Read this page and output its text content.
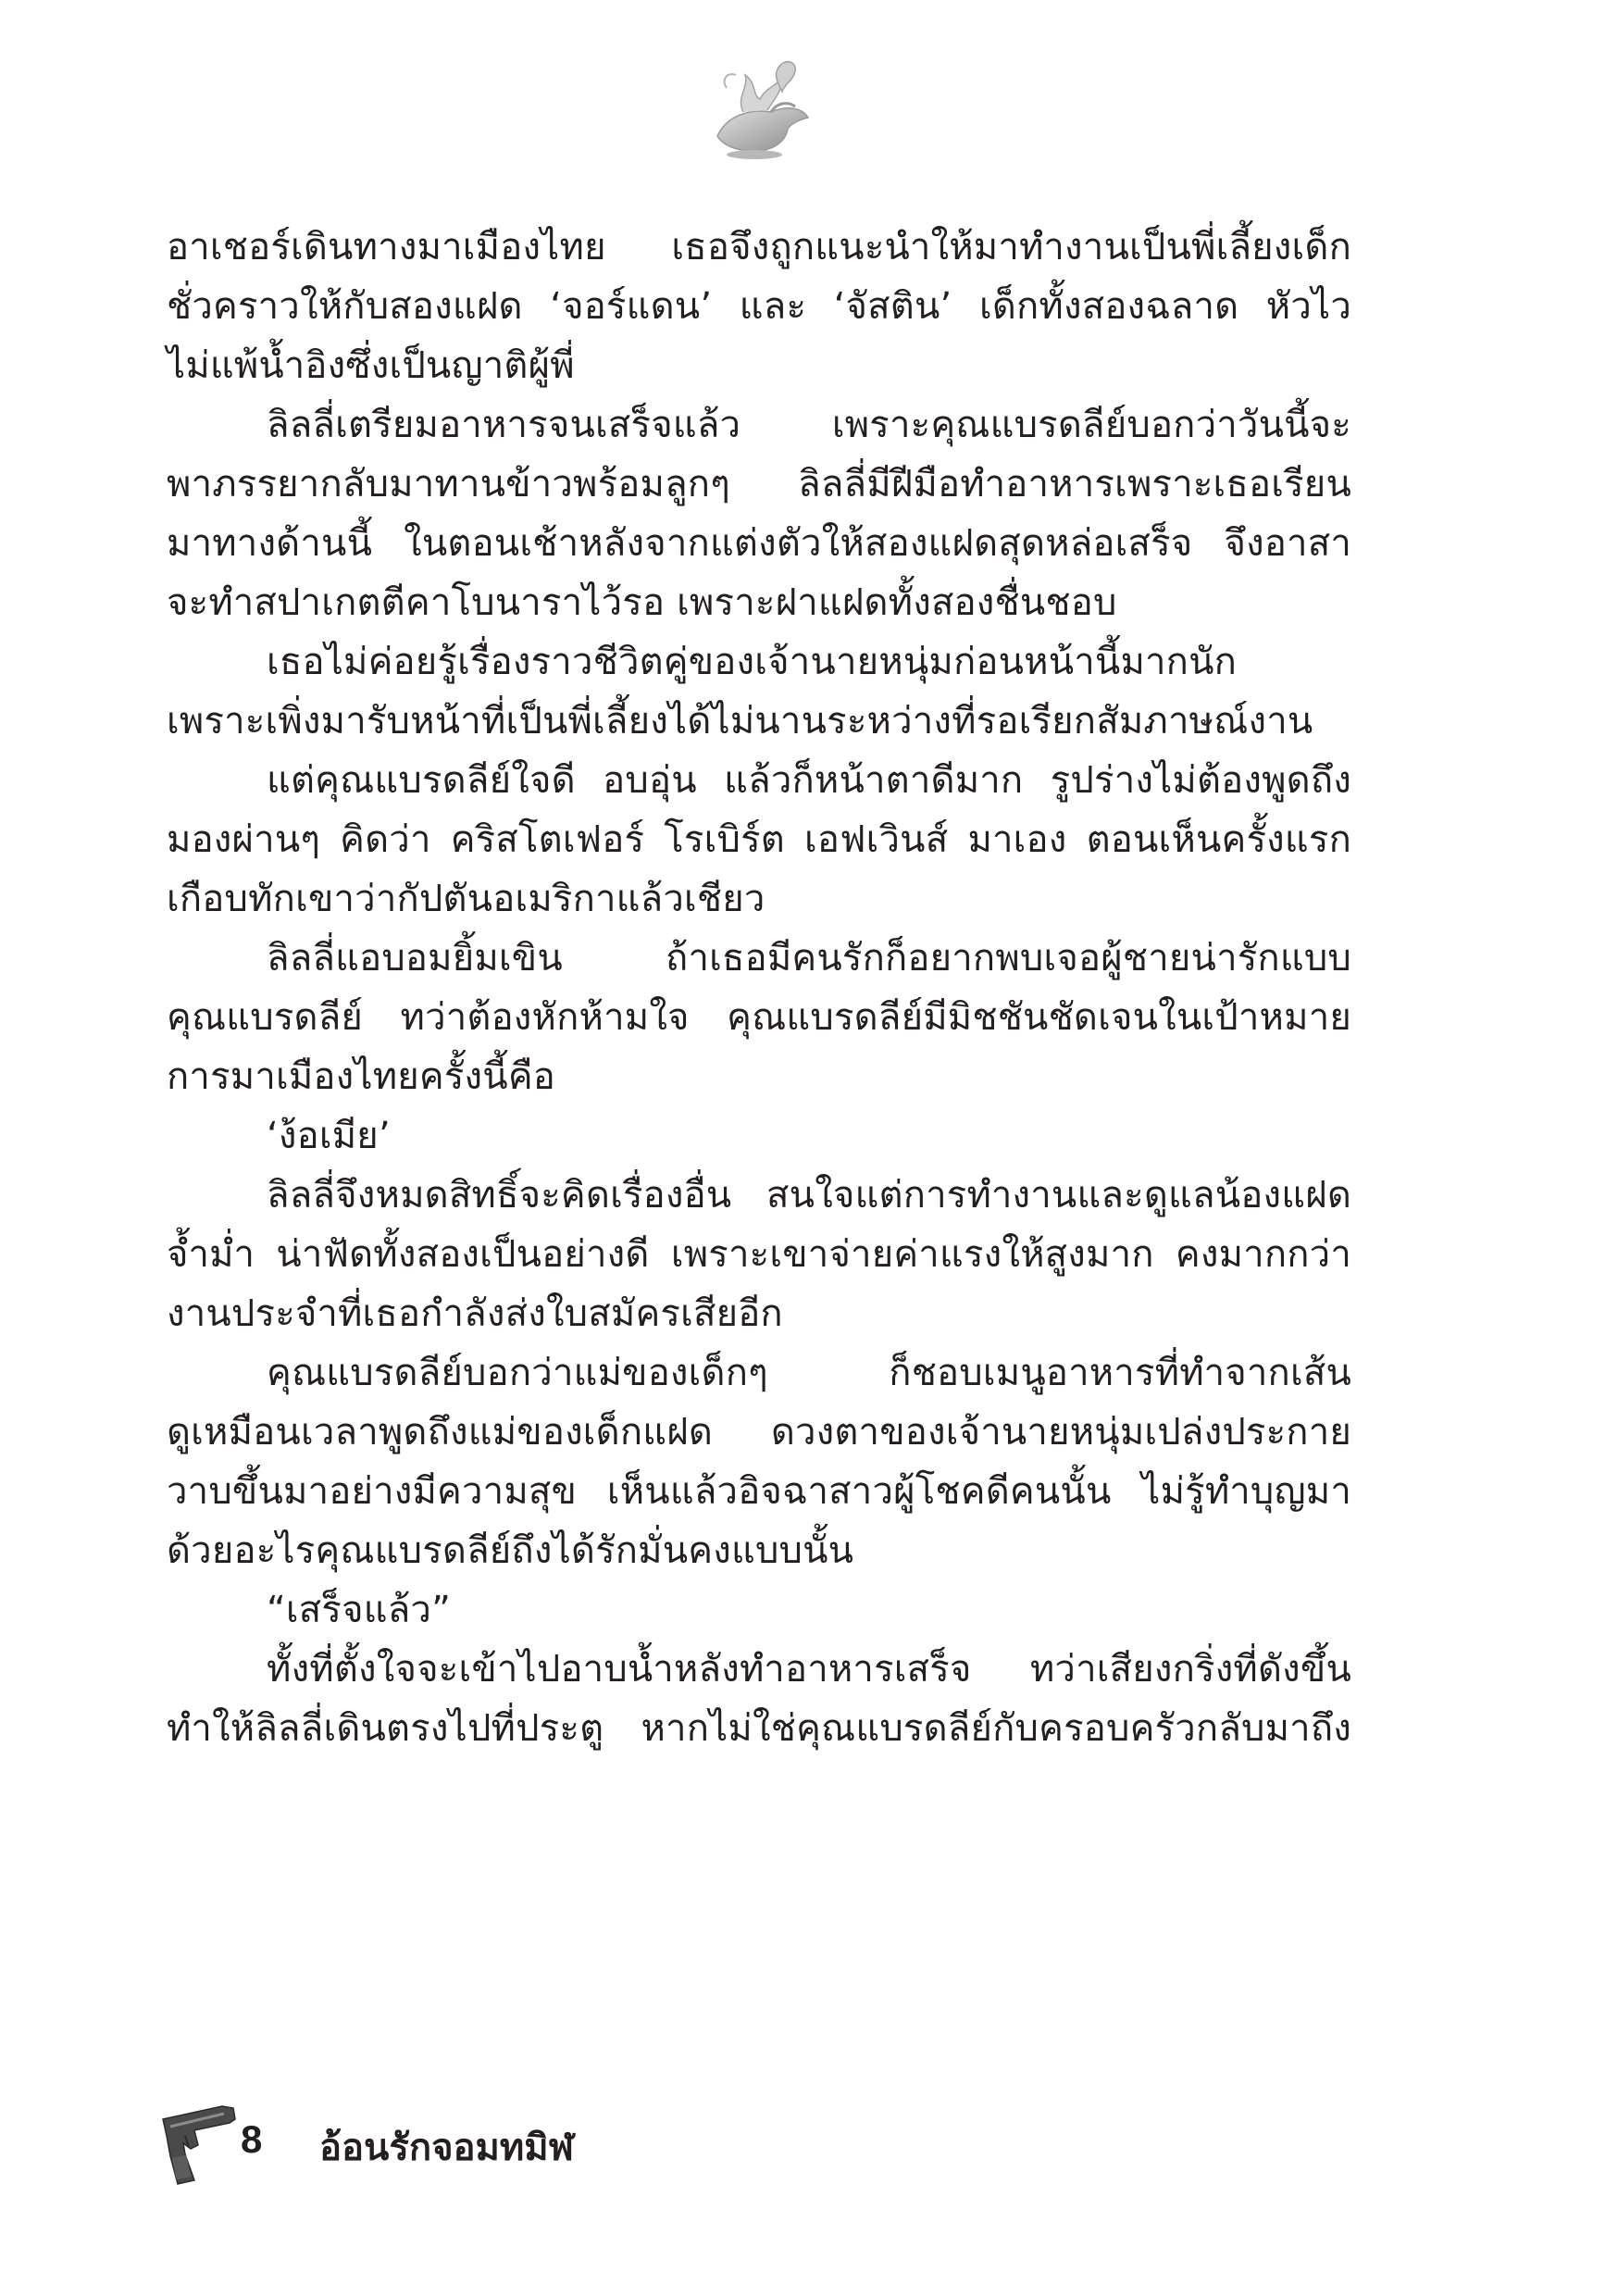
อาเชอร์เดินทางมาเมืองไทย เธอจึงถูกแนะนำให้มาทำงานเป็นพี่เลี้ยงเด็ก
ชั่วคราวให้กับสองแฝด ‘จอร์แดน’ และ ‘จัสติน’ เด็กทั้งสองฉลาด หัวไว
ไม่แพ้น้ำอิงซึ่งเป็นญาติผู้พี่
ลิลลี่เตรียมอาหารจนเสร็จแล้ว เพราะคุณแบรดลีย์บอกว่าวันนี้จะ
พาภรรยากลับมาทานข้าวพร้อมลูกๆ ลิลลี่มีฝีมือทำอาหารเพราะเธอเรียน
มาทางด้านนี้ ในตอนเช้าหลังจากแต่งตัวให้สองแฝดสุดหล่อเสร็จ จึงอาสา
จะทำสปาเกตตีคาโบนาราไว้รอ เพราะฝาแฝดทั้งสองชื่นชอบ
เธอไม่ค่อยรู้เรื่องราวชีวิตคู่ของเจ้านายหนุ่มก่อนหน้านี้มากนัก
เพราะเพิ่งมารับหน้าที่เป็นพี่เลี้ยงได้ไม่นานระหว่างที่รอเรียกสัมภาษณ์งาน
แต่คุณแบรดลีย์ใจดี อบอุ่น แล้วก็หน้าตาดีมาก รูปร่างไม่ต้องพูดถึง
มองผ่านๆ คิดว่า คริสโตเฟอร์ โรเบิร์ต เอฟเวินส์ มาเอง ตอนเห็นครั้งแรก
เกือบทักเขาว่ากัปตันอเมริกาแล้วเชียว
ลิลลี่แอบอมยิ้มเขิน ถ้าเธอมีคนรักก็อยากพบเจอผู้ชายน่ารักแบบ
คุณแบรดลีย์ ทว่าต้องหักห้ามใจ คุณแบรดลีย์มีมิชชันชัดเจนในเป้าหมาย
การมาเมืองไทยครั้งนี้คือ
‘ง้อเมีย’
ลิลลี่จึงหมดสิทธิ์จะคิดเรื่องอื่น สนใจแต่การทำงานและดูแลน้องแฝด
จ้ำม่ำ น่าฟัดทั้งสองเป็นอย่างดี เพราะเขาจ่ายค่าแรงให้สูงมาก คงมากกว่า
งานประจำที่เธอกำลังส่งใบสมัครเสียอีก
คุณแบรดลีย์บอกว่าแม่ของเด็กๆ ก็ชอบเมนูอาหารที่ทำจากเส้น
ดูเหมือนเวลาพูดถึงแม่ของเด็กแฝด ดวงตาของเจ้านายหนุ่มเปล่งประกาย
วาบขึ้นมาอย่างมีความสุข เห็นแล้วอิจฉาสาวผู้โชคดีคนนั้น ไม่รู้ทำบุญมา
ด้วยอะไรคุณแบรดลีย์ถึงได้รักมั่นคงแบบนั้น
“เสร็จแล้ว”
ทั้งที่ตั้งใจจะเข้าไปอาบน้ำหลังทำอาหารเสร็จ ทว่าเสียงกริ่งที่ดังขึ้น
ทำให้ลิลลี่เดินตรงไปที่ประตู หากไม่ใช่คุณแบรดลีย์กับครอบครัวกลับมาถึง
8 อ้อนรักจอมทมิฬ
